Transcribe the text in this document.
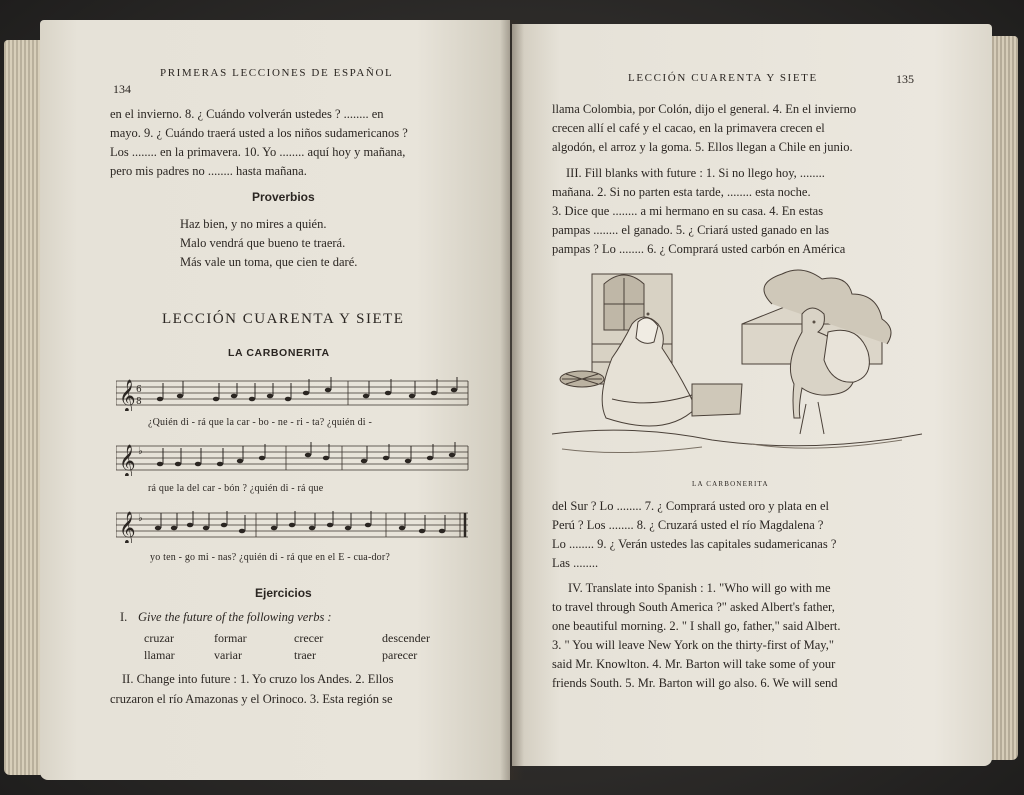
134
PRIMERAS LECCIONES DE ESPAÑOL
en el invierno. 8. ¿ Cuándo volverán ustedes ? ........ en
mayo. 9. ¿ Cuándo traerá usted a los niños sudamericanos ?
Los ........ en la primavera. 10. Yo ........ aquí hoy y mañana,
pero mis padres no ........ hasta mañana.
Proverbios
Haz bien, y no mires a quién.
Malo vendrá que bueno te traerá.
Más vale un toma, que cien te daré.
LECCIÓN CUARENTA Y SIETE
LA CARBONERITA
𝄞 6
8
¿Quién di - rá que la car - bo - ne - ri - ta? ¿quién di -
𝄞 ♭
rá que la del car - bón ? ¿quién di - rá que
𝄞 ♭
yo ten - go mi - nas? ¿quién di - rá que en el E - cua-dor?
Ejercicios
I. Give the future of the following verbs :
cruzar	formar	crecer	descender
llamar	variar	traer	parecer
II. Change into future : 1. Yo cruzo los Andes. 2. Ellos
cruzaron el río Amazonas y el Orinoco. 3. Esta región se
LECCIÓN CUARENTA Y SIETE	135
llama Colombia, por Colón, dijo el general. 4. En el invierno
crecen allí el café y el cacao, en la primavera crecen el
algodón, el arroz y la goma. 5. Ellos llegan a Chile en junio.
III. Fill blanks with future : 1. Si no llego hoy, ........
mañana. 2. Si no parten esta tarde, ........ esta noche.
3. Dice que ........ a mi hermano en su casa. 4. En estas
pampas ........ el ganado. 5. ¿ Criará usted ganado en las
pampas ? Lo ........ 6. ¿ Comprará usted carbón en América
LA CARBONERITA
del Sur ? Lo ........ 7. ¿ Comprará usted oro y plata en el
Perú ? Los ........ 8. ¿ Cruzará usted el río Magdalena ?
Lo ........ 9. ¿ Verán ustedes las capitales sudamericanas ?
Las ........
IV. Translate into Spanish : 1. "Who will go with me
to travel through South America ?" asked Albert's father,
one beautiful morning. 2. " I shall go, father," said Albert.
3. " You will leave New York on the thirty-first of May,"
said Mr. Knowlton. 4. Mr. Barton will take some of your
friends South. 5. Mr. Barton will go also. 6. We will send
